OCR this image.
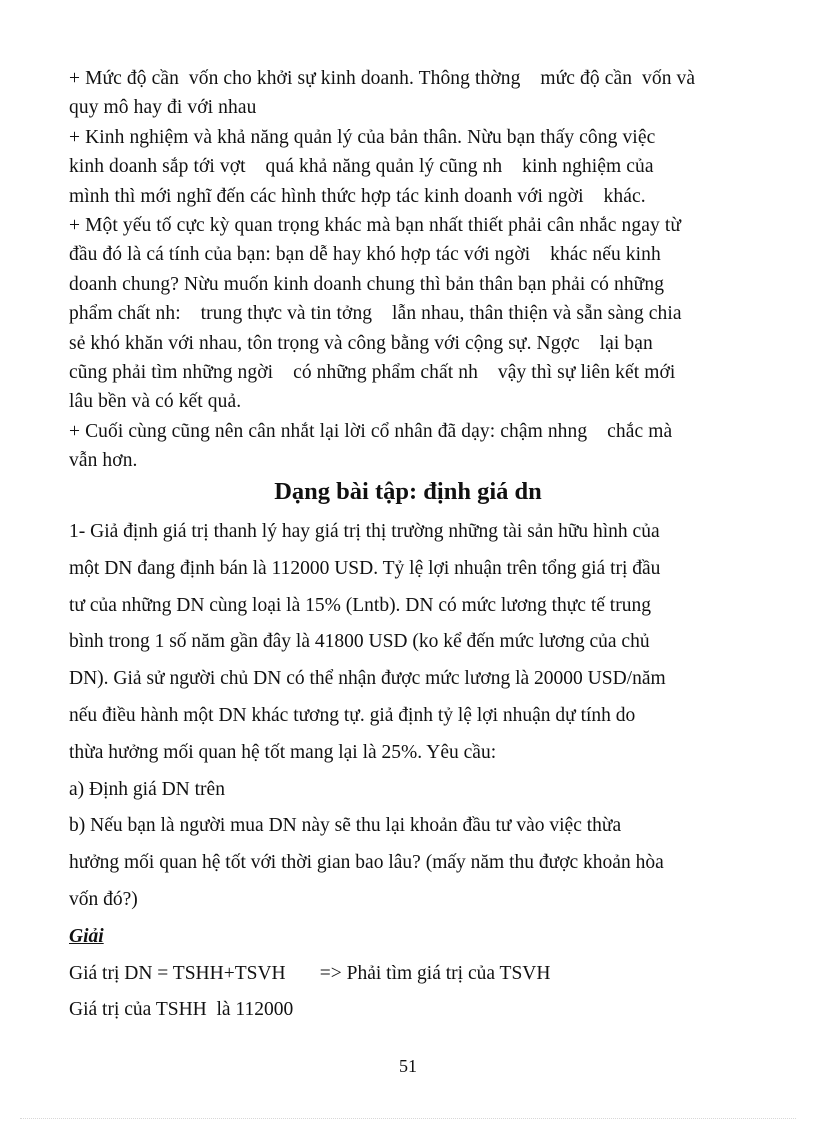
+ Mức độ cần  vốn cho khởi sự kinh doanh. Thông thờng    mức độ cần  vốn và

quy mô hay đi với nhau

+ Kinh nghiệm và khả năng quản lý của bản thân. Nừu bạn thấy công việc

kinh doanh sắp tới vợt    quá khả năng quản lý cũng nh    kinh nghiệm của

mình thì mới nghĩ đến các hình thức hợp tác kinh doanh với ngời    khác.

+ Một yếu tố cực kỳ quan trọng khác mà bạn nhất thiết phải cân nhắc ngay từ

đầu đó là cá tính của bạn: bạn dễ hay khó hợp tác với ngời    khác nếu kinh

doanh chung? Nừu muốn kinh doanh chung thì bản thân bạn phải có những

phẩm chất nh:    trung thực và tin tởng    lẫn nhau, thân thiện và sẵn sàng chia

sẻ khó khăn với nhau, tôn trọng và công bằng với cộng sự. Ngợc    lại bạn

cũng phải tìm những ngời    có những phẩm chất nh    vậy thì sự liên kết mới

lâu bền và có kết quả.

+ Cuối cùng cũng nên cân nhắt lại lời cổ nhân đã dạy: chậm nhng    chắc mà

vẫn hơn.

Dạng bài tập: định giá dn

1- Giả định giá trị thanh lý hay giá trị thị trường những tài sản hữu hình của

một DN đang định bán là 112000 USD. Tỷ lệ lợi nhuận trên tổng giá trị đầu

tư của những DN cùng loại là 15% (Lntb). DN có mức lương thực tế trung

bình trong 1 số năm gần đây là 41800 USD (ko kể đến mức lương của chủ

DN). Giả sử người chủ DN có thể nhận được mức lương là 20000 USD/năm

nếu điều hành một DN khác tương tự. giả định tỷ lệ lợi nhuận dự tính do

thừa hưởng mối quan hệ tốt mang lại là 25%. Yêu cầu:

a) Định giá DN trên

b) Nếu bạn là người mua DN này sẽ thu lại khoản đầu tư vào việc thừa

hưởng mối quan hệ tốt với thời gian bao lâu? (mấy năm thu được khoản hòa

vốn đó?)

Giải

Giá trị DN = TSHH+TSVH       => Phải tìm giá trị của TSVH

Giá trị của TSHH  là 112000

51
